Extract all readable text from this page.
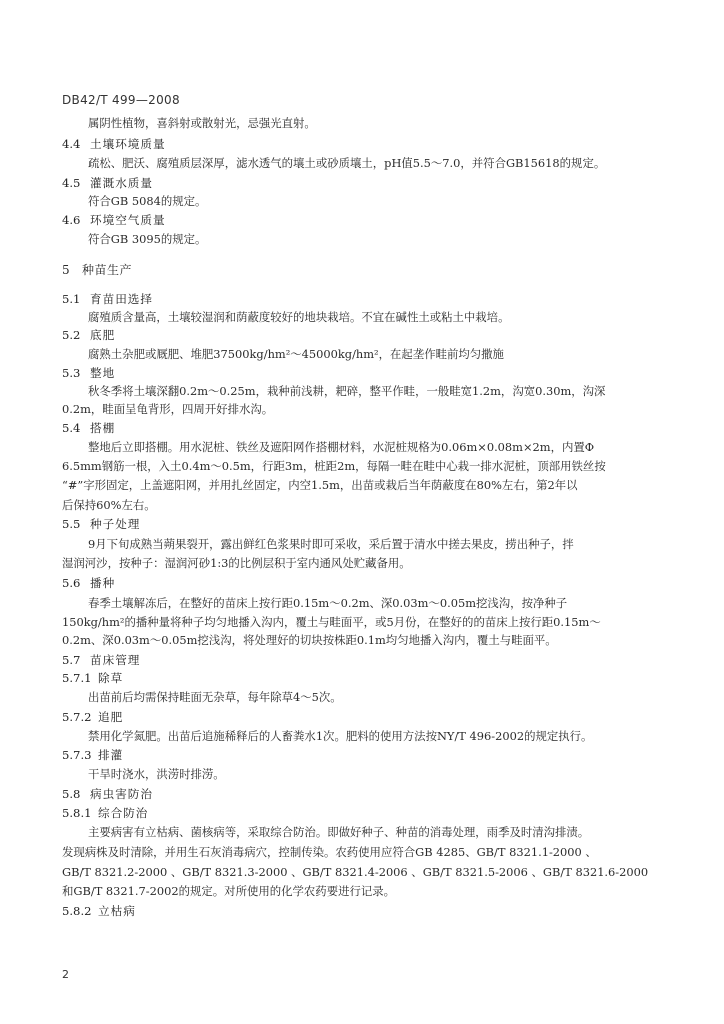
DB42/T 499—2008
属阴性植物，喜斜射或散射光，忌强光直射。
4.4 土壤环境质量
疏松、肥沃、腐殖质层深厚，滤水透气的壤土或砂质壤土，pH值5.5～7.0，并符合GB15618的规定。
4.5 灌溉水质量
符合GB 5084的规定。
4.6 环境空气质量
符合GB 3095的规定。
5 种苗生产
5.1 育苗田选择
腐殖质含量高，土壤较湿润和荫蔽度较好的地块栽培。不宜在碱性土或粘土中栽培。
5.2 底肥
腐熟土杂肥或厩肥、堆肥37500kg/hm²～45000kg/hm²，在起垄作畦前均匀撒施
5.3 整地
秋冬季将土壤深翻0.2m～0.25m，栽种前浅耕，耙碎，整平作畦，一般畦宽1.2m，沟宽0.30m，沟深
0.2m，畦面呈龟背形，四周开好排水沟。
5.4 搭棚
整地后立即搭棚。用水泥桩、铁丝及遮阳网作搭棚材料，水泥桩规格为0.06m×0.08m×2m，内置Φ
6.5mm钢筋一根，入土0.4m～0.5m，行距3m，桩距2m，每隔一畦在畦中心栽一排水泥桩，顶部用铁丝按
“#”字形固定，上盖遮阳网，并用扎丝固定，内空1.5m，出苗或栽后当年荫蔽度在80%左右，第2年以
后保持60%左右。
5.5 种子处理
9月下旬成熟当蒴果裂开，露出鲜红色浆果时即可采收，采后置于清水中搓去果皮，捞出种子，拌
湿润河沙，按种子：湿润河砂1:3的比例层积于室内通风处贮藏备用。
5.6 播种
春季土壤解冻后，在整好的苗床上按行距0.15m～0.2m、深0.03m～0.05m挖浅沟，按净种子
150kg/hm²的播种量将种子均匀地播入沟内，覆土与畦面平，或5月份，在整好的的苗床上按行距0.15m～
0.2m、深0.03m～0.05m挖浅沟，将处理好的切块按株距0.1m均匀地播入沟内，覆土与畦面平。
5.7 苗床管理
5.7.1 除草
出苗前后均需保持畦面无杂草，每年除草4～5次。
5.7.2 追肥
禁用化学氮肥。出苗后追施稀释后的人畜粪水1次。肥料的使用方法按NY/T 496-2002的规定执行。
5.7.3 排灌
干旱时浇水，洪涝时排涝。
5.8 病虫害防治
5.8.1 综合防治
主要病害有立枯病、菌核病等，采取综合防治。即做好种子、种苗的消毒处理，雨季及时清沟排渍。
发现病株及时清除，并用生石灰消毒病穴，控制传染。农药使用应符合GB 4285、GB/T 8321.1-2000 、
GB/T 8321.2-2000 、GB/T 8321.3-2000 、GB/T 8321.4-2006 、GB/T 8321.5-2006 、GB/T 8321.6-2000
和GB/T 8321.7-2002的规定。对所使用的化学农药要进行记录。
5.8.2 立枯病
2
